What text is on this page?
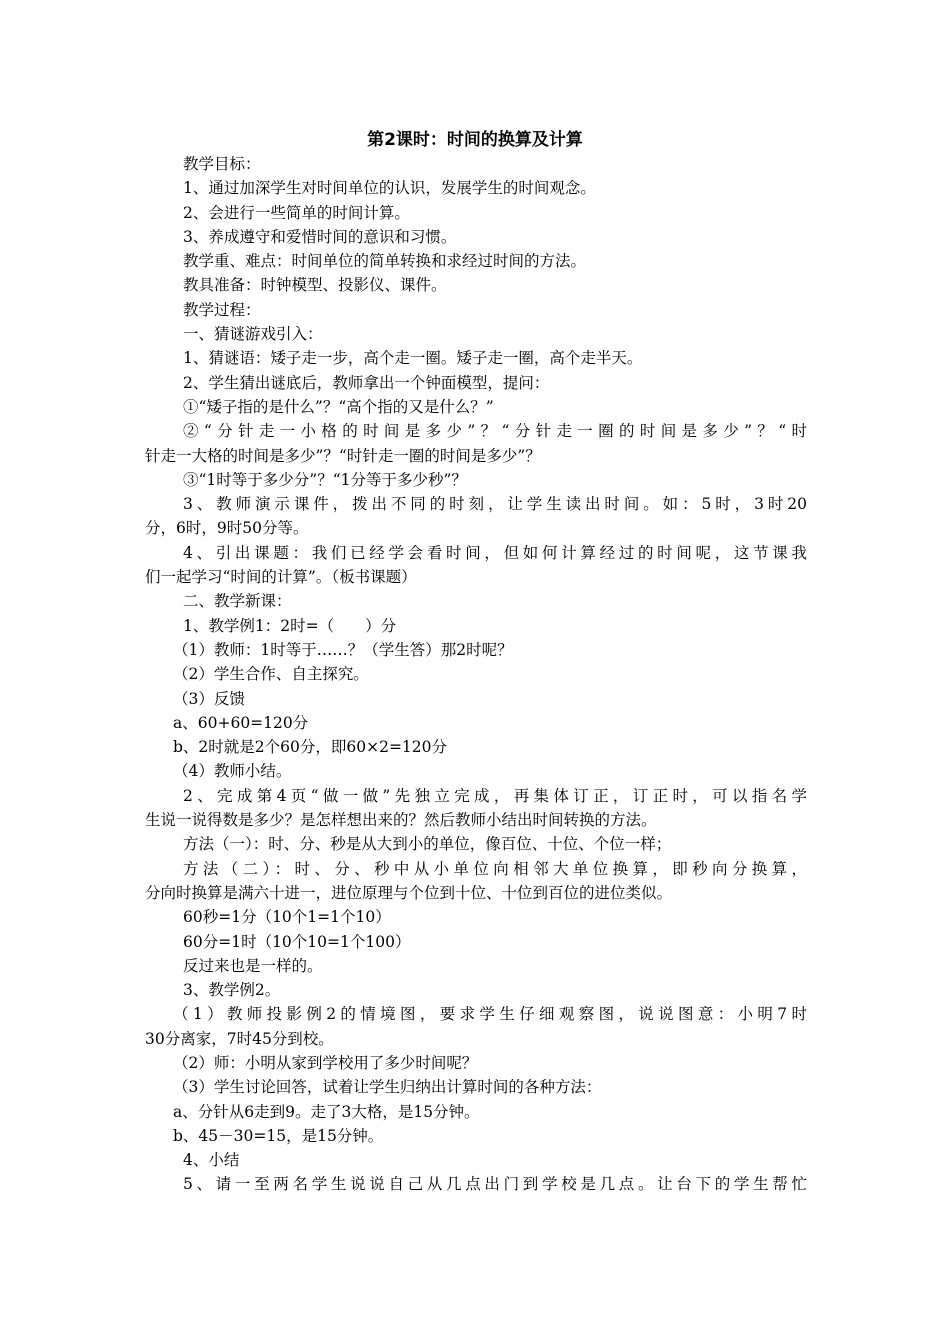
第2课时：时间的换算及计算
教学目标：
1、通过加深学生对时间单位的认识，发展学生的时间观念。
2、会进行一些简单的时间计算。
3、养成遵守和爱惜时间的意识和习惯。
教学重、难点：时间单位的简单转换和求经过时间的方法。
教具准备：时钟模型、投影仪、课件。
教学过程：
一、猜谜游戏引入：
1、猜谜语：矮子走一步，高个走一圈。矮子走一圈，高个走半天。
2、学生猜出谜底后，教师拿出一个钟面模型，提问：
①“矮子指的是什么”？“高个指的又是什么？”
②“分针走一小格的时间是多少”？“分针走一圈的时间是多少”？“时
针走一大格的时间是多少”？“时针走一圈的时间是多少”？
③“1时等于多少分”？“1分等于多少秒”？
3、教师演示课件，拨出不同的时刻，让学生读出时间。如：5时，3时20
分，6时，9时50分等。
4、引出课题：我们已经学会看时间，但如何计算经过的时间呢，这节课我
们一起学习“时间的计算”。（板书课题）
二、教学新课：
1、教学例1：2时=（　　）分
（1）教师：1时等于……？（学生答）那2时呢？
（2）学生合作、自主探究。
（3）反馈
a、60+60=120分
b、2时就是2个60分，即60×2=120分
（4）教师小结。
2、完成第4页“做一做”先独立完成，再集体订正，订正时，可以指名学
生说一说得数是多少？是怎样想出来的？然后教师小结出时间转换的方法。
方法（一）：时、分、秒是从大到小的单位，像百位、十位、个位一样；
方法（二）：时、分、秒中从小单位向相邻大单位换算，即秒向分换算，
分向时换算是满六十进一，进位原理与个位到十位、十位到百位的进位类似。
60秒=1分（10个1=1个10）
60分=1时（10个10=1个100）
反过来也是一样的。
3、教学例2。
（1）教师投影例2的情境图，要求学生仔细观察图，说说图意：小明7时
30分离家，7时45分到校。
（2）师：小明从家到学校用了多少时间呢？
（3）学生讨论回答，试着让学生归纳出计算时间的各种方法：
a、分针从6走到9。走了3大格，是15分钟。
b、45－30=15，是15分钟。
4、小结
5、请一至两名学生说说自己从几点出门到学校是几点。让台下的学生帮忙
